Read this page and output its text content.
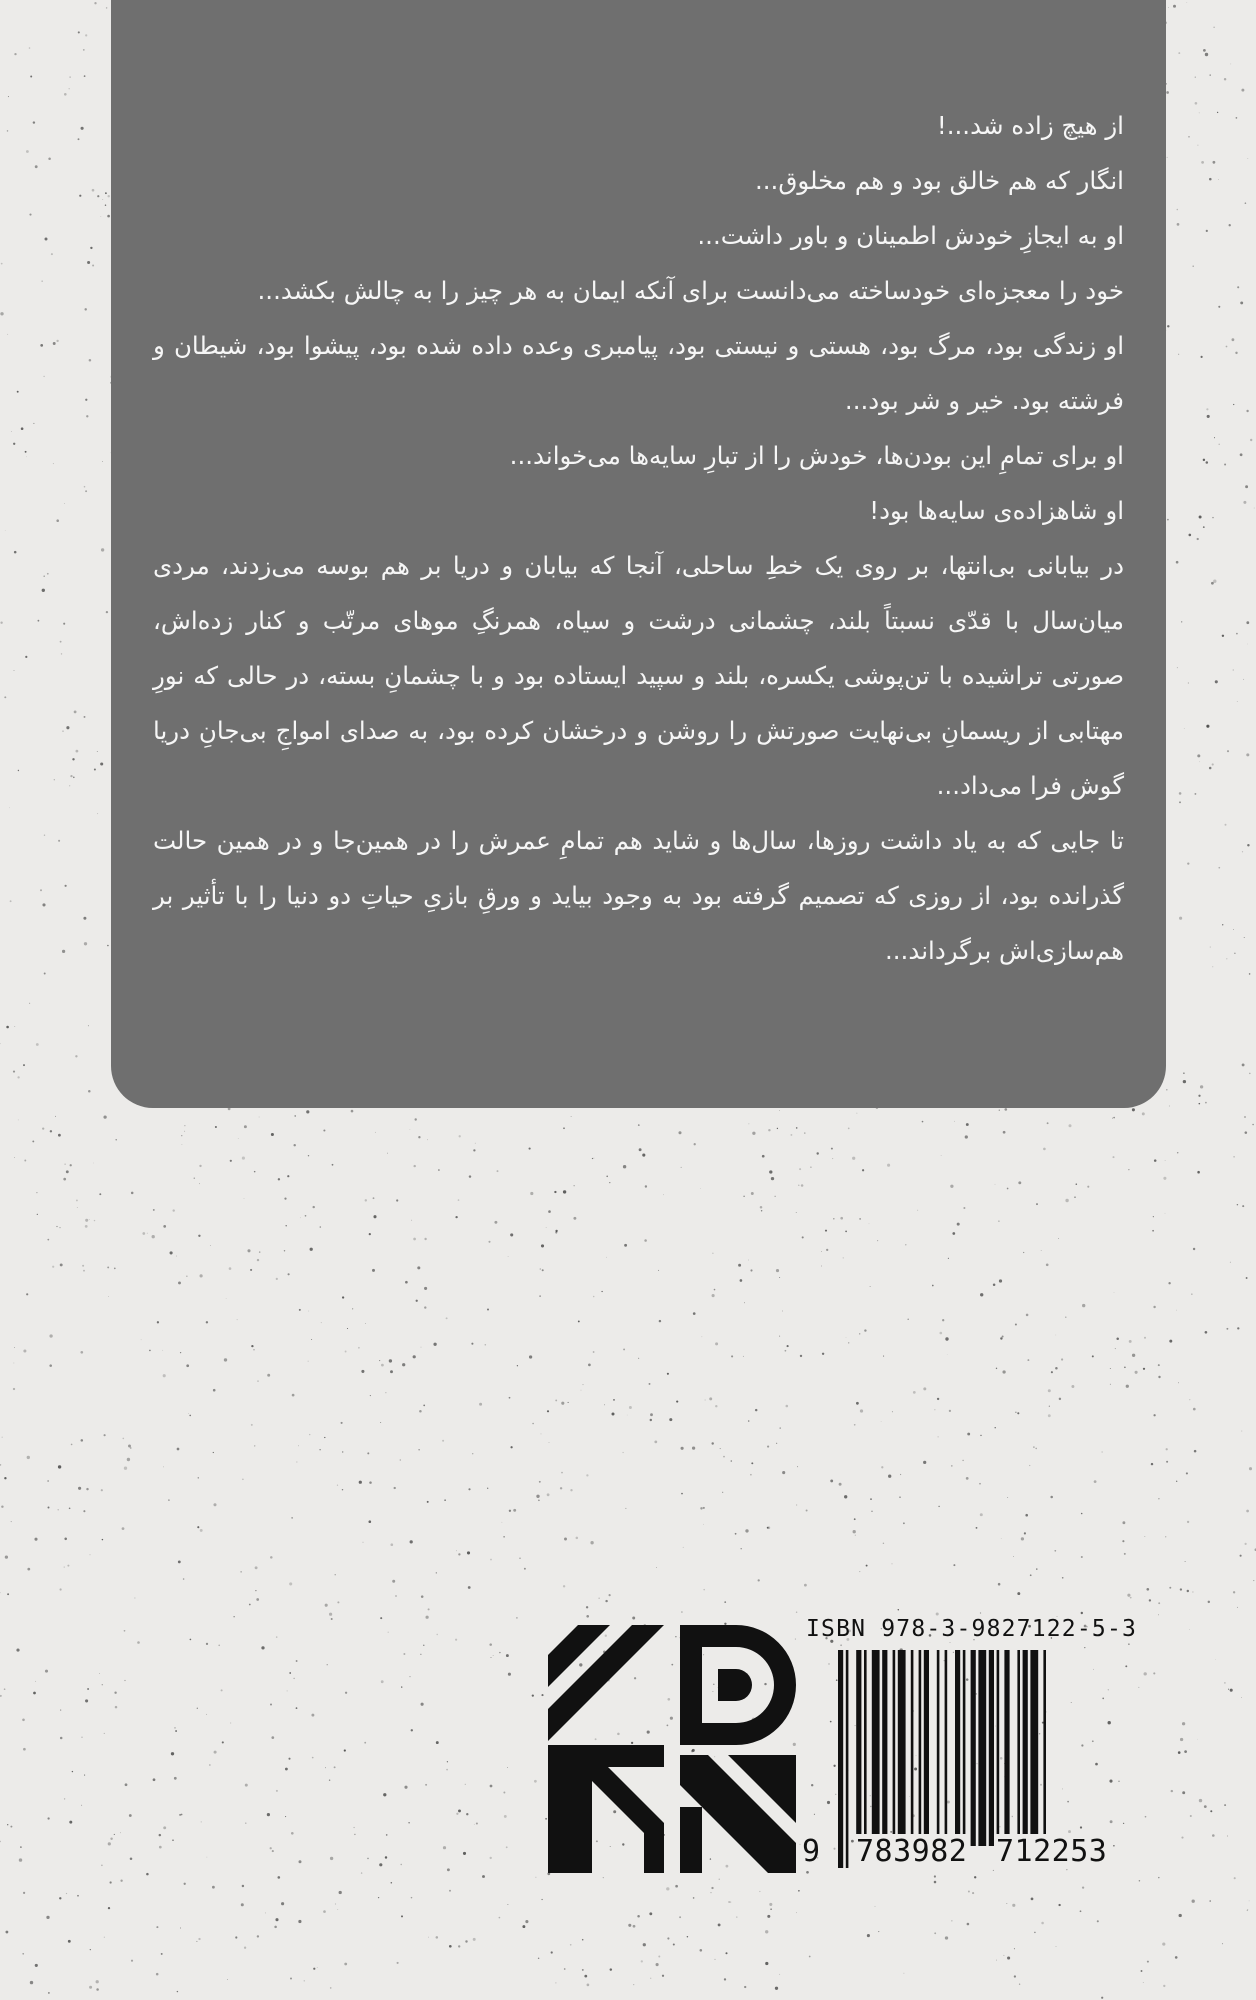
از هیچ زاده شد...!

انگار که هم خالق بود و هم مخلوق...

او به ایجازِ خودش اطمینان و باور داشت...

خود را معجزه‌ای خودساخته می‌دانست برای آنکه ایمان به هر چیز را به چالش بکشد...

او زندگی بود، مرگ بود، هستی و نیستی بود، پیامبری وعده داده شده بود، پیشوا بود، شیطان و فرشته بود. خیر و شر بود...

او برای تمامِ این بودن‌ها، خودش را از تبارِ سایه‌ها می‌خواند...

او شاهزاده‌ی سایه‌ها بود!

در بیابانی بی‌انتها، بر روی یک خطِ ساحلی، آنجا که بیابان و دریا بر هم بوسه می‌زدند، مردی میان‌سال با قدّی نسبتاً بلند، چشمانی درشت و سیاه، همرنگِ موهای مرتّب و کنار زده‌اش، صورتی تراشیده با تن‌پوشی یکسره، بلند و سپید ایستاده بود و با چشمانِ بسته، در حالی که نورِ مهتابی از ریسمانِ بی‌نهایت صورتش را روشن و درخشان کرده بود، به صدای امواجِ بی‌جانِ دریا گوش فرا می‌داد...

تا جایی که به یاد داشت روزها، سال‌ها و شاید هم تمامِ عمرش را در همین‌جا و در همین حالت گذرانده بود، از روزی که تصمیم گرفته بود به وجود بیاید و ورقِ بازیِ حیاتِ دو دنیا را با تأثیر بر هم‌سازی‌اش برگرداند...

ISBN 978-3-9827122-5-3
9 783982 712253
